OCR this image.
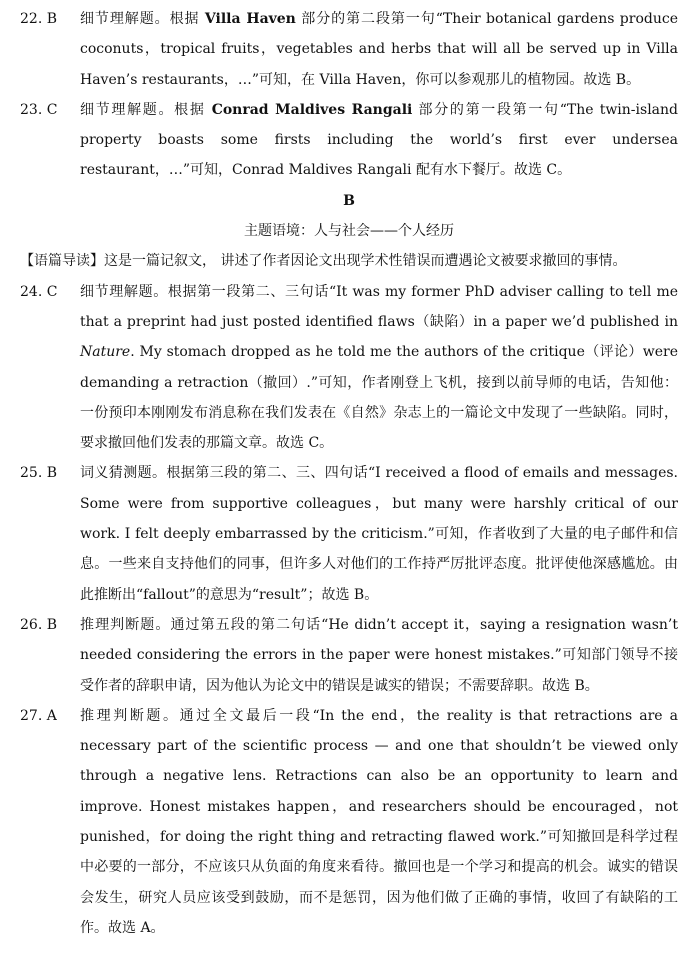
22. B	细节理解题。根据 Villa Haven 部分的第二段第一句“Their botanical gardens produce coconuts，tropical fruits，vegetables and herbs that will all be served up in Villa Haven’s restaurants，…”可知，在 Villa Haven，你可以参观那儿的植物园。故选 B。
23. C	细节理解题。根据 Conrad Maldives Rangali 部分的第一段第一句“The twin-island property boasts some firsts including the world’s first ever undersea restaurant，…”可知，Conrad Maldives Rangali 配有水下餐厅。故选 C。
B
主题语境：人与社会——个人经历
【语篇导读】这是一篇记叙文， 讲述了作者因论文出现学术性错误而遭遇论文被要求撤回的事情。
24. C	细节理解题。根据第一段第二、三句话“It was my former PhD adviser calling to tell me that a preprint had just posted identified flaws（缺陷）in a paper we’d published in Nature. My stomach dropped as he told me the authors of the critique（评论）were demanding a retraction（撤回）.”可知，作者刚登上飞机，接到以前导师的电话，告知他：一份预印本刚刚发布消息称在我们发表在《自然》杂志上的一篇论文中发现了一些缺陷。同时，要求撤回他们发表的那篇文章。故选 C。
25. B	词义猜测题。根据第三段的第二、三、四句话“I received a flood of emails and messages. Some were from supportive colleagues，but many were harshly critical of our work. I felt deeply embarrassed by the criticism.”可知，作者收到了大量的电子邮件和信息。一些来自支持他们的同事，但许多人对他们的工作持严厉批评态度。批评使他深感尴尬。由此推断出“fallout”的意思为“result”；故选 B。
26. B	推理判断题。通过第五段的第二句话“He didn’t accept it，saying a resignation wasn’t needed considering the errors in the paper were honest mistakes.”可知部门领导不接受作者的辞职申请，因为他认为论文中的错误是诚实的错误；不需要辞职。故选 B。
27. A	推理判断题。通过全文最后一段“In the end，the reality is that retractions are a necessary part of the scientific process — and one that shouldn’t be viewed only through a negative lens. Retractions can also be an opportunity to learn and improve. Honest mistakes happen，and researchers should be encouraged，not punished，for doing the right thing and retracting flawed work.”可知撤回是科学过程中必要的一部分，不应该只从负面的角度来看待。撤回也是一个学习和提高的机会。诚实的错误会发生，研究人员应该受到鼓励，而不是惩罚，因为他们做了正确的事情，收回了有缺陷的工作。故选 A。
